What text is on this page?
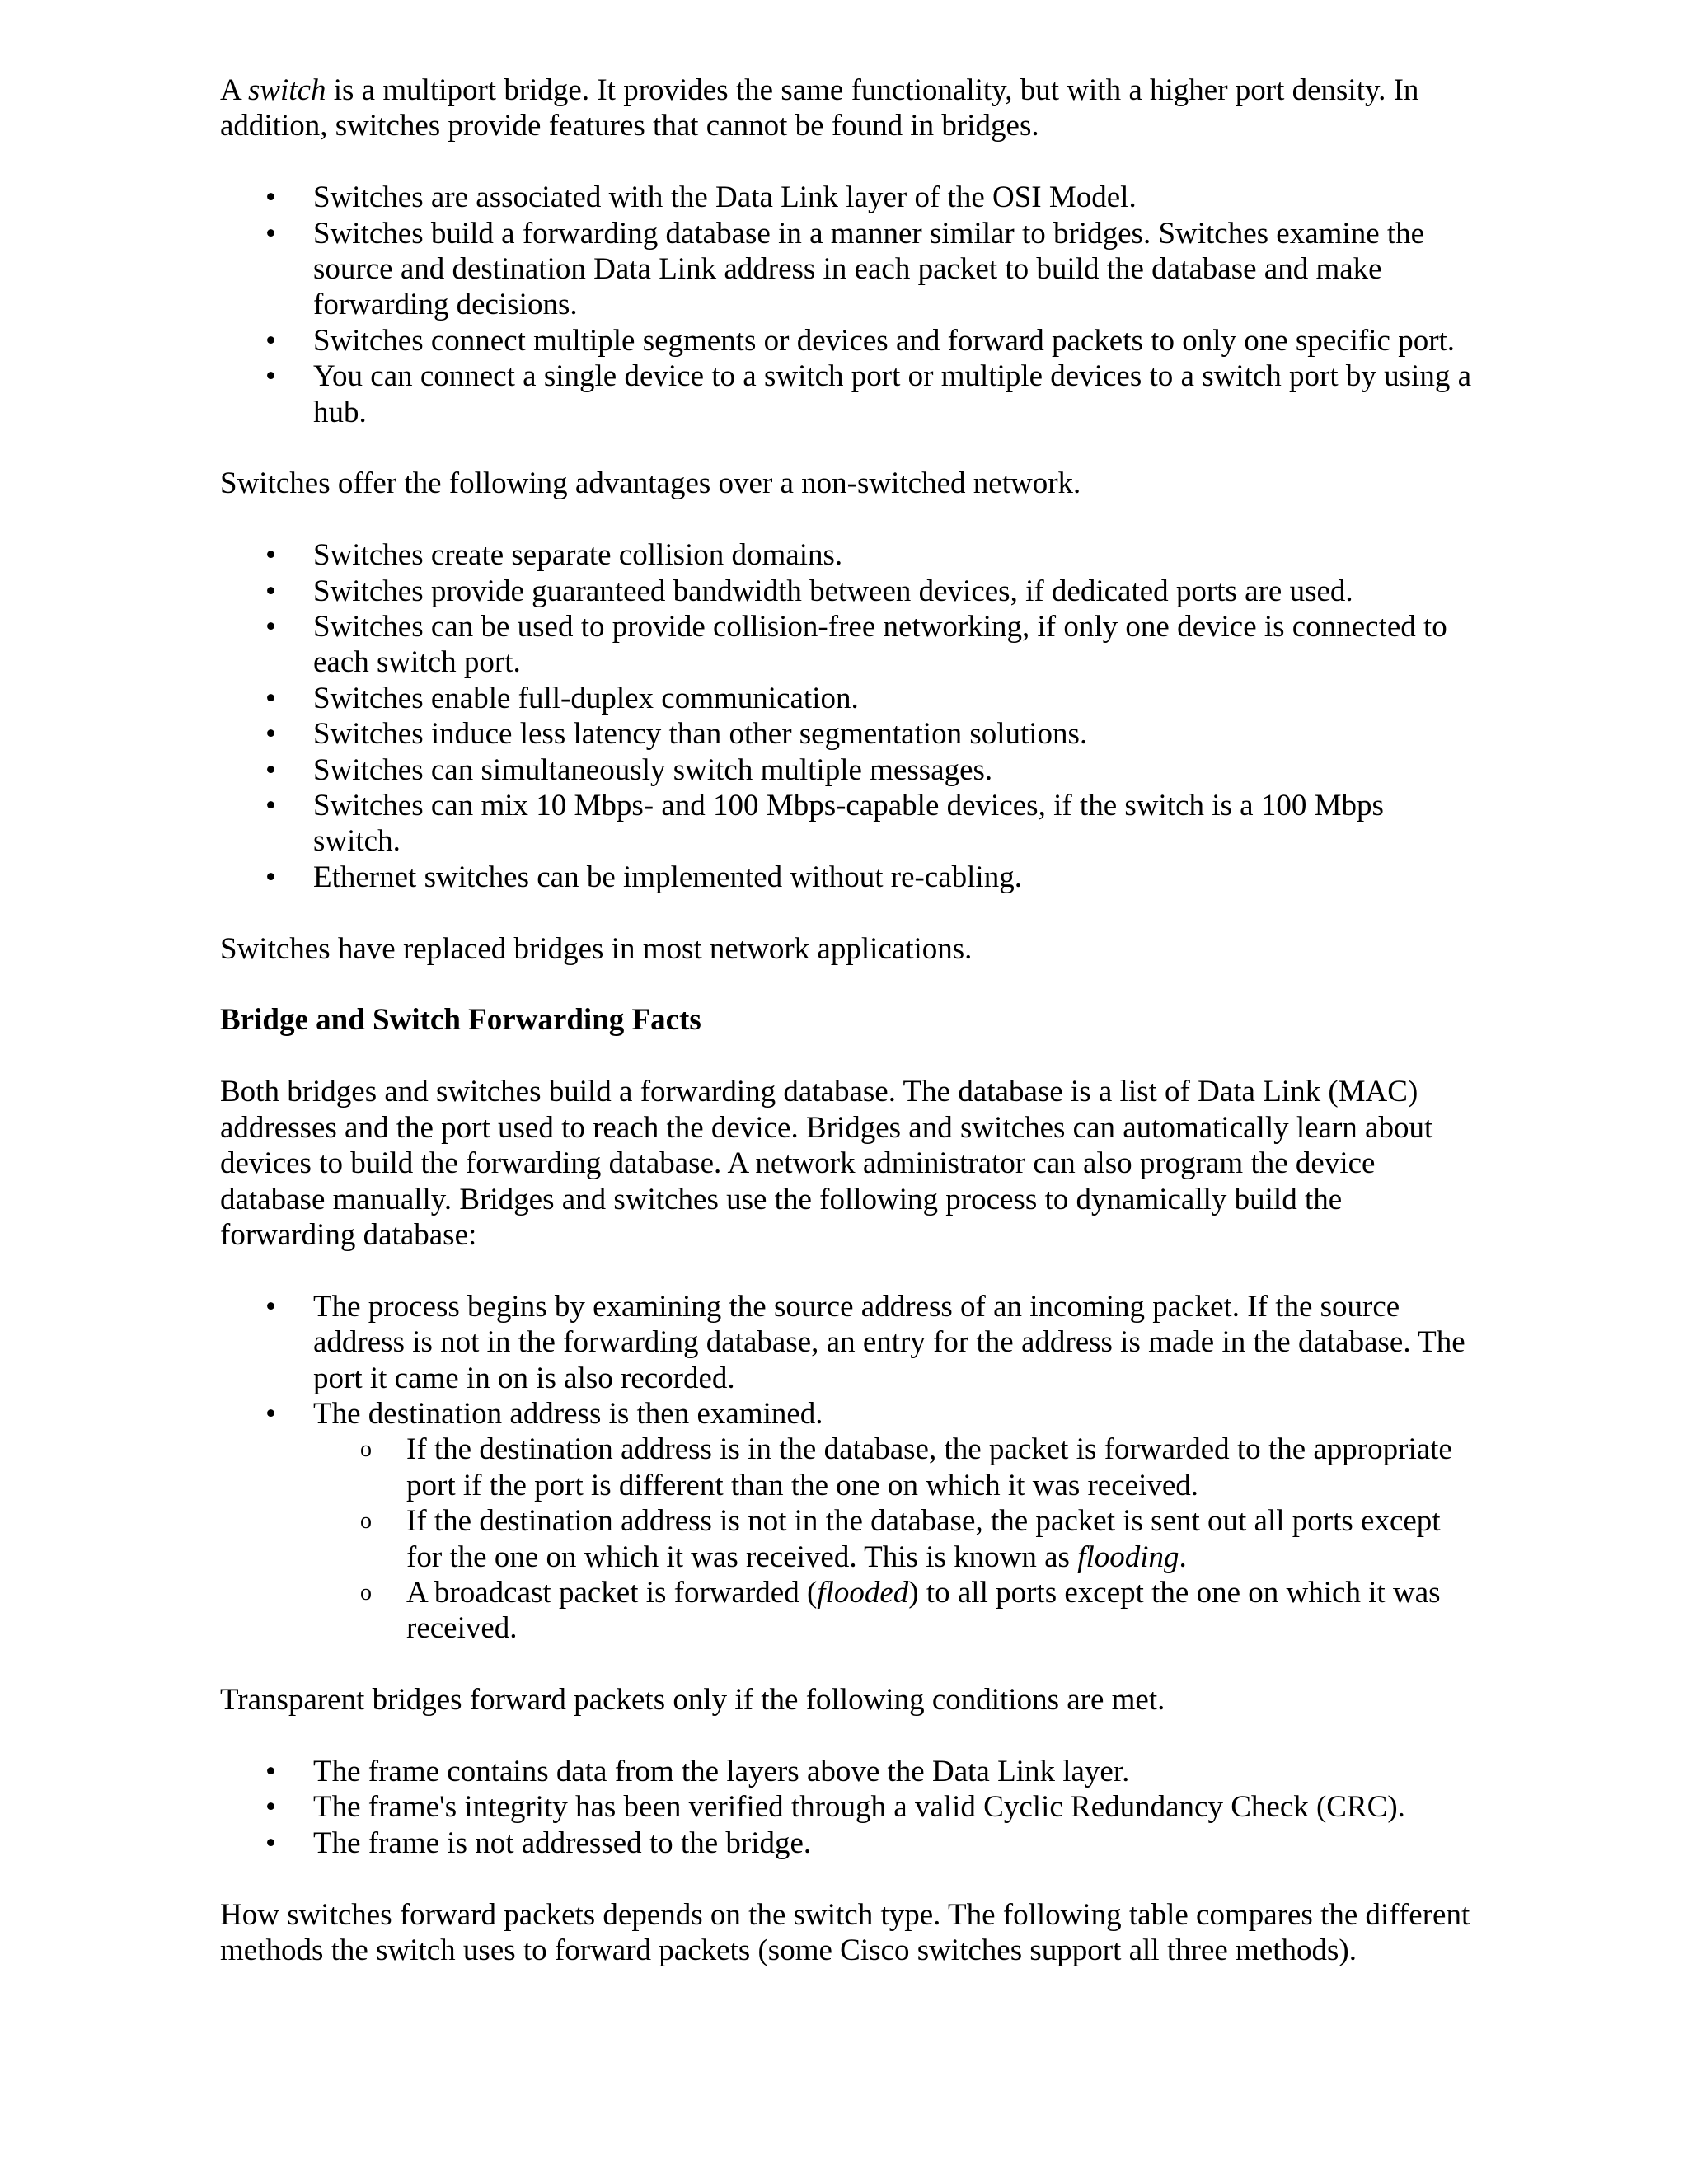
A switch is a multiport bridge. It provides the same functionality, but with a higher port density. In addition, switches provide features that cannot be found in bridges.

• Switches are associated with the Data Link layer of the OSI Model.
• Switches build a forwarding database in a manner similar to bridges. Switches examine the source and destination Data Link address in each packet to build the database and make forwarding decisions.
• Switches connect multiple segments or devices and forward packets to only one specific port.
• You can connect a single device to a switch port or multiple devices to a switch port by using a hub.

Switches offer the following advantages over a non-switched network.

• Switches create separate collision domains.
• Switches provide guaranteed bandwidth between devices, if dedicated ports are used.
• Switches can be used to provide collision-free networking, if only one device is connected to each switch port.
• Switches enable full-duplex communication.
• Switches induce less latency than other segmentation solutions.
• Switches can simultaneously switch multiple messages.
• Switches can mix 10 Mbps- and 100 Mbps-capable devices, if the switch is a 100 Mbps switch.
• Ethernet switches can be implemented without re-cabling.

Switches have replaced bridges in most network applications.

Bridge and Switch Forwarding Facts

Both bridges and switches build a forwarding database. The database is a list of Data Link (MAC) addresses and the port used to reach the device. Bridges and switches can automatically learn about devices to build the forwarding database. A network administrator can also program the device database manually. Bridges and switches use the following process to dynamically build the forwarding database:

• The process begins by examining the source address of an incoming packet. If the source address is not in the forwarding database, an entry for the address is made in the database. The port it came in on is also recorded.
• The destination address is then examined.
o If the destination address is in the database, the packet is forwarded to the appropriate port if the port is different than the one on which it was received.
o If the destination address is not in the database, the packet is sent out all ports except for the one on which it was received. This is known as flooding.
o A broadcast packet is forwarded (flooded) to all ports except the one on which it was received.

Transparent bridges forward packets only if the following conditions are met.

• The frame contains data from the layers above the Data Link layer.
• The frame's integrity has been verified through a valid Cyclic Redundancy Check (CRC).
• The frame is not addressed to the bridge.

How switches forward packets depends on the switch type. The following table compares the different methods the switch uses to forward packets (some Cisco switches support all three methods).
